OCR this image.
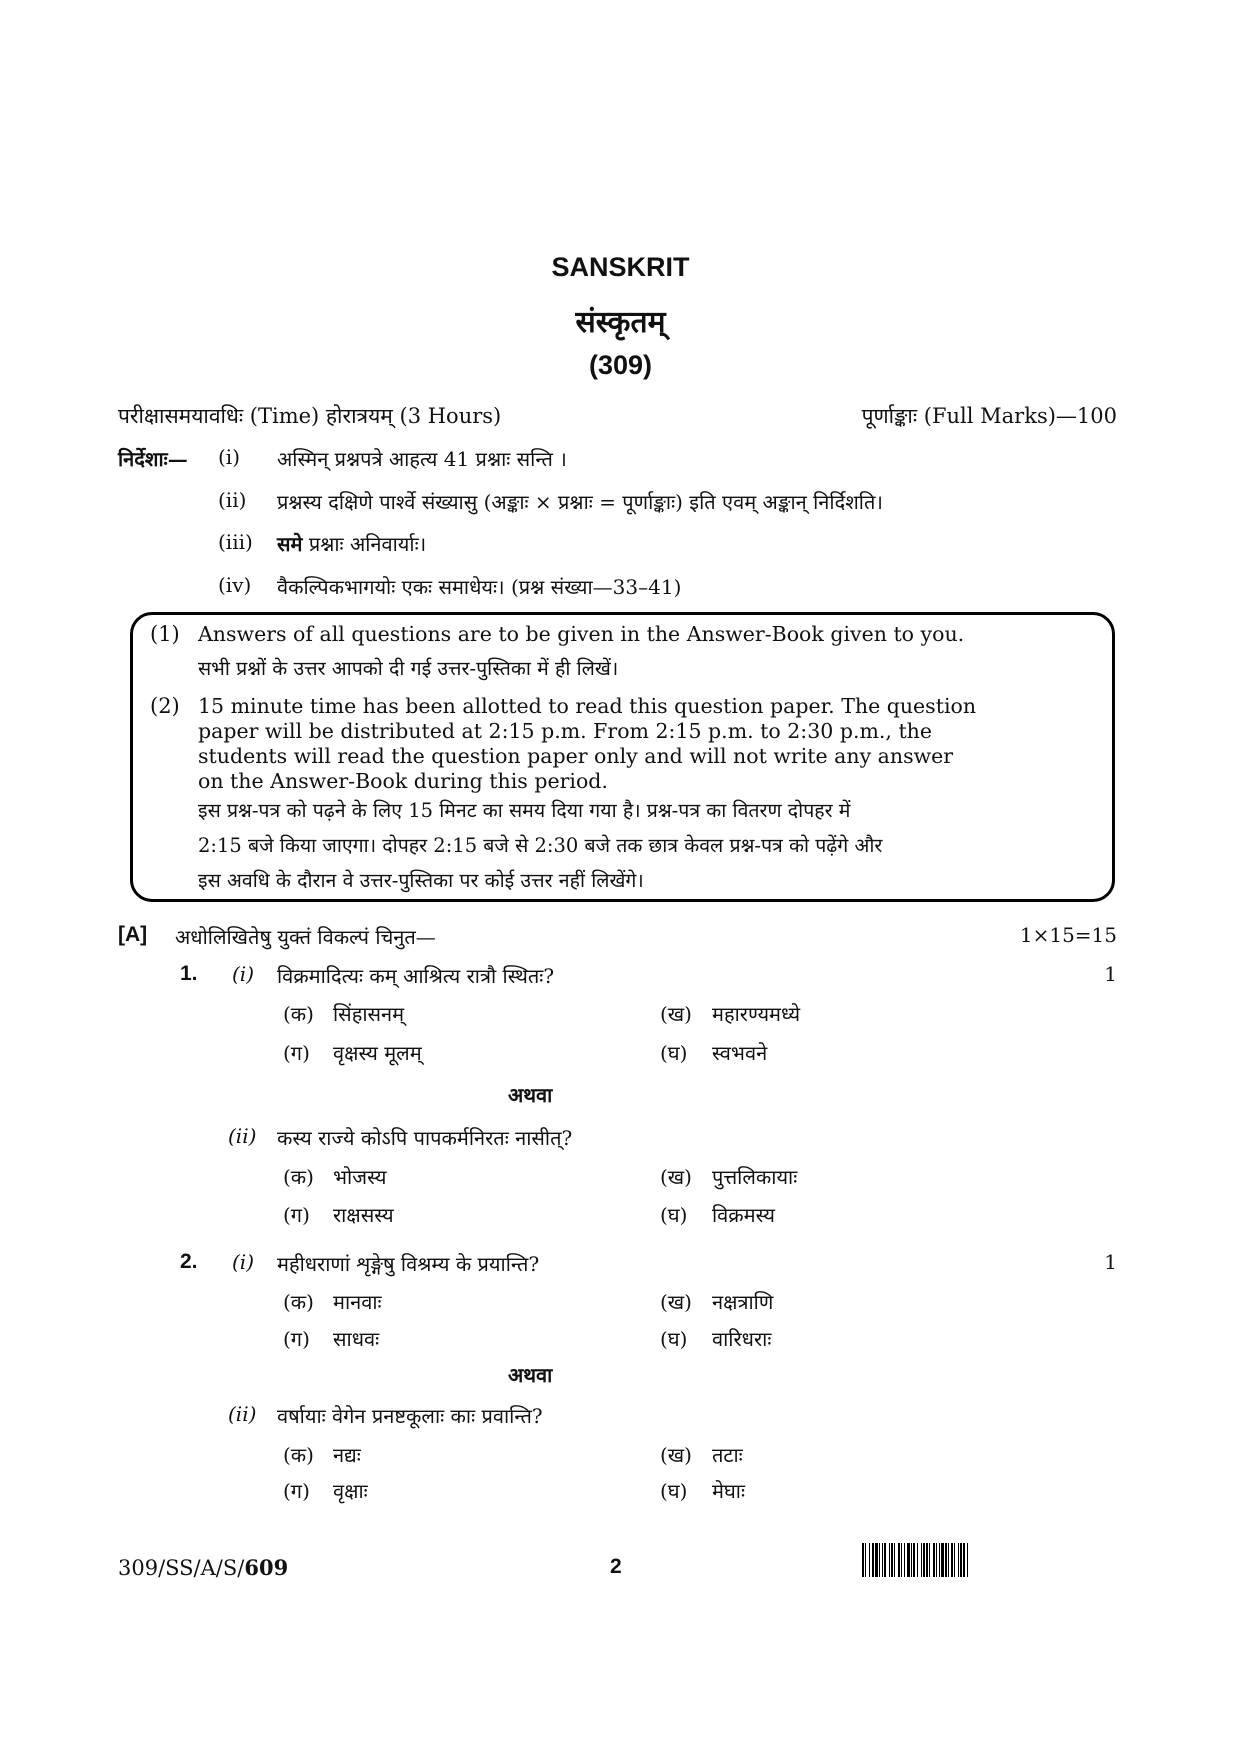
SANSKRIT
संस्कृतम्
(309)
परीक्षासमयावधिः (Time) होरात्रयम् (3 Hours)	पूर्णाङ्काः (Full Marks)—100
निर्देशाः— (i) अस्मिन् प्रश्नपत्रे आहत्य 41 प्रश्नाः सन्ति ।
(ii) प्रश्नस्य दक्षिणे पार्श्वे संख्यासु (अङ्काः × प्रश्नाः = पूर्णाङ्काः) इति एवम् अङ्कान् निर्दिशति।
(iii) समे प्रश्नाः अनिवार्याः।
(iv) वैकल्पिकभागयोः एकः समाधेयः। (प्रश्न संख्या—33–41)
(1) Answers of all questions are to be given in the Answer-Book given to you.
सभी प्रश्नों के उत्तर आपको दी गई उत्तर-पुस्तिका में ही लिखें।
(2) 15 minute time has been allotted to read this question paper. The question
paper will be distributed at 2:15 p.m. From 2:15 p.m. to 2:30 p.m., the
students will read the question paper only and will not write any answer
on the Answer-Book during this period.
इस प्रश्न-पत्र को पढ़ने के लिए 15 मिनट का समय दिया गया है। प्रश्न-पत्र का वितरण दोपहर में
2:15 बजे किया जाएगा। दोपहर 2:15 बजे से 2:30 बजे तक छात्र केवल प्रश्न-पत्र को पढ़ेंगे और
इस अवधि के दौरान वे उत्तर-पुस्तिका पर कोई उत्तर नहीं लिखेंगे।
[A] अधोलिखितेषु युक्तं विकल्पं चिनुत—	1×15=15
1. (i) विक्रमादित्यः कम् आश्रित्य रात्रौ स्थितः?	1
(क) सिंहासनम्	(ख) महारण्यमध्ये
(ग) वृक्षस्य मूलम्	(घ) स्वभवने
अथवा
(ii) कस्य राज्ये कोऽपि पापकर्मनिरतः नासीत्?
(क) भोजस्य	(ख) पुत्तलिकायाः
(ग) राक्षसस्य	(घ) विक्रमस्य
2. (i) महीधराणां शृङ्गेषु विश्रम्य के प्रयान्ति?	1
(क) मानवाः	(ख) नक्षत्राणि
(ग) साधवः	(घ) वारिधराः
अथवा
(ii) वर्षायाः वेगेन प्रनष्टकूलाः काः प्रवान्ति?
(क) नद्यः	(ख) तटाः
(ग) वृक्षाः	(घ) मेघाः
309/SS/A/S/609	2
